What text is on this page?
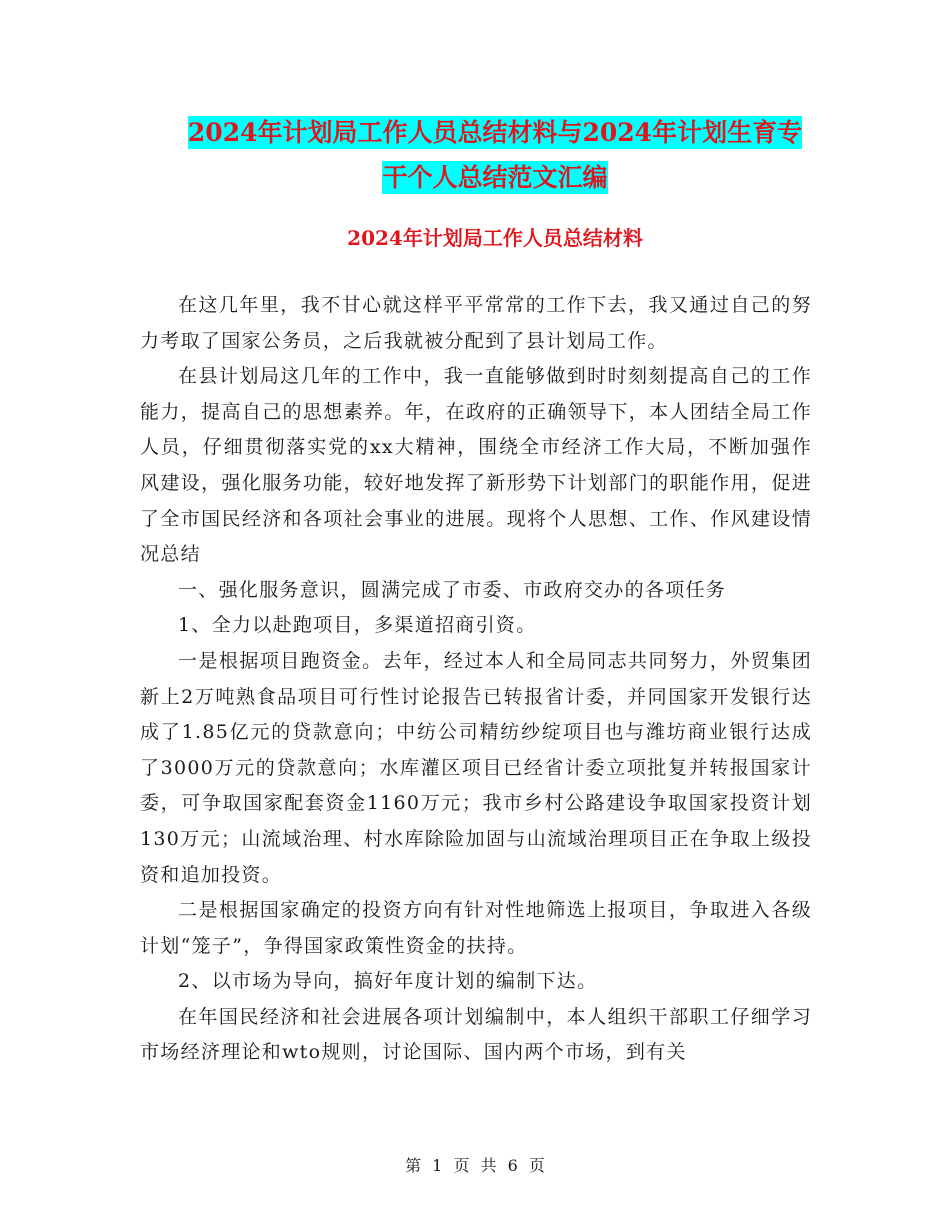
2024年计划局工作人员总结材料与2024年计划生育专
干个人总结范文汇编
2024年计划局工作人员总结材料

在这几年里，我不甘心就这样平平常常的工作下去，我又通过自己的努力考取了国家公务员，之后我就被分配到了县计划局工作。

在县计划局这几年的工作中，我一直能够做到时时刻刻提高自己的工作能力，提高自己的思想素养。年，在政府的正确领导下，本人团结全局工作人员，仔细贯彻落实党的xx大精神，围绕全市经济工作大局，不断加强作风建设，强化服务功能，较好地发挥了新形势下计划部门的职能作用，促进了全市国民经济和各项社会事业的进展。现将个人思想、工作、作风建设情况总结

一、强化服务意识，圆满完成了市委、市政府交办的各项任务

1、全力以赴跑项目，多渠道招商引资。

一是根据项目跑资金。去年，经过本人和全局同志共同努力，外贸集团新上2万吨熟食品项目可行性讨论报告已转报省计委，并同国家开发银行达成了1.85亿元的贷款意向；中纺公司精纺纱绽项目也与潍坊商业银行达成了3000万元的贷款意向；水库灌区项目已经省计委立项批复并转报国家计委，可争取国家配套资金1160万元；我市乡村公路建设争取国家投资计划130万元；山流域治理、村水库除险加固与山流域治理项目正在争取上级投资和追加投资。

二是根据国家确定的投资方向有针对性地筛选上报项目，争取进入各级计划“笼子”，争得国家政策性资金的扶持。

2、以市场为导向，搞好年度计划的编制下达。

在年国民经济和社会进展各项计划编制中，本人组织干部职工仔细学习市场经济理论和wto规则，讨论国际、国内两个市场，到有关

第 1 页 共 6 页
